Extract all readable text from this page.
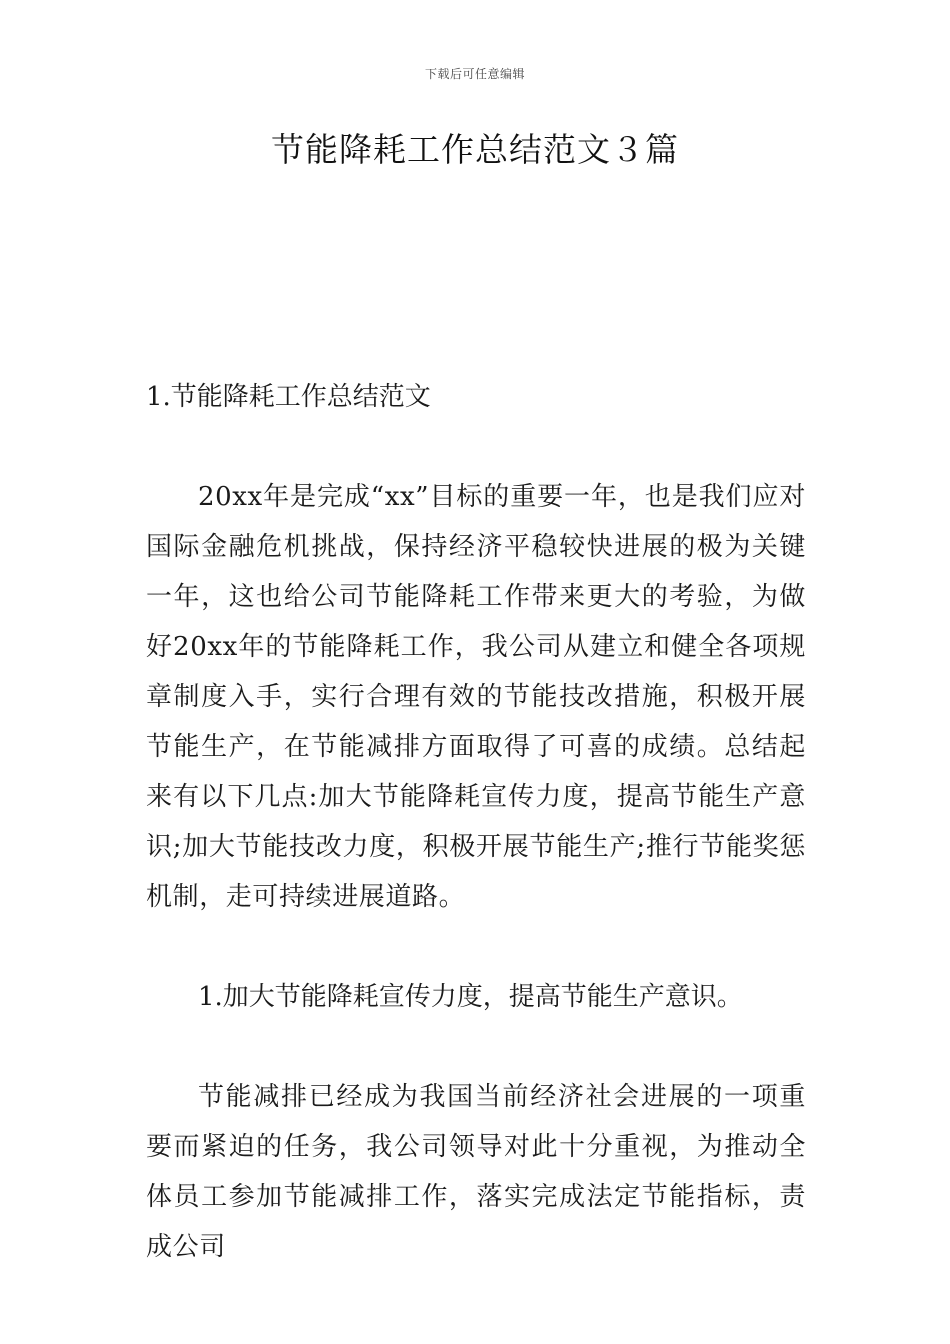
下载后可任意编辑
节能降耗工作总结范文３篇

1.节能降耗工作总结范文

20xx年是完成“xx”目标的重要一年，也是我们应对国际金融危机挑战，保持经济平稳较快进展的极为关键一年，这也给公司节能降耗工作带来更大的考验，为做好20xx年的节能降耗工作，我公司从建立和健全各项规章制度入手，实行合理有效的节能技改措施，积极开展节能生产，在节能减排方面取得了可喜的成绩。总结起来有以下几点:加大节能降耗宣传力度，提高节能生产意识;加大节能技改力度，积极开展节能生产;推行节能奖惩机制，走可持续进展道路。

1.加大节能降耗宣传力度，提高节能生产意识。

节能减排已经成为我国当前经济社会进展的一项重要而紧迫的任务，我公司领导对此十分重视，为推动全体员工参加节能减排工作，落实完成法定节能指标，责成公司
